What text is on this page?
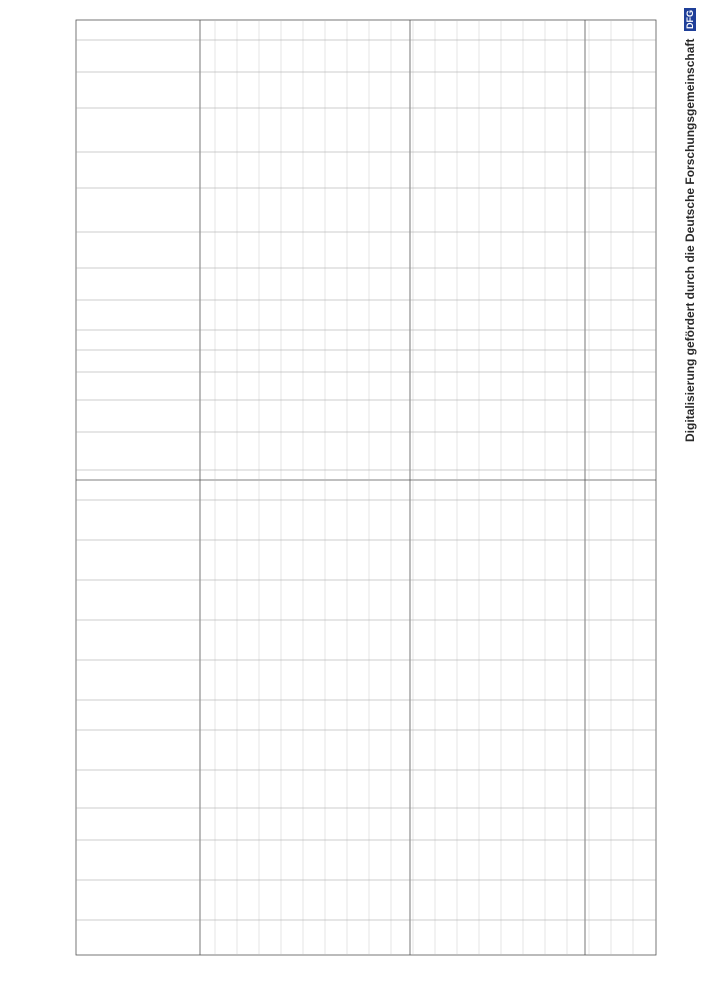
Digitalisierung gefördert durch die Deutsche Forschungsgemeinschaft DFG
